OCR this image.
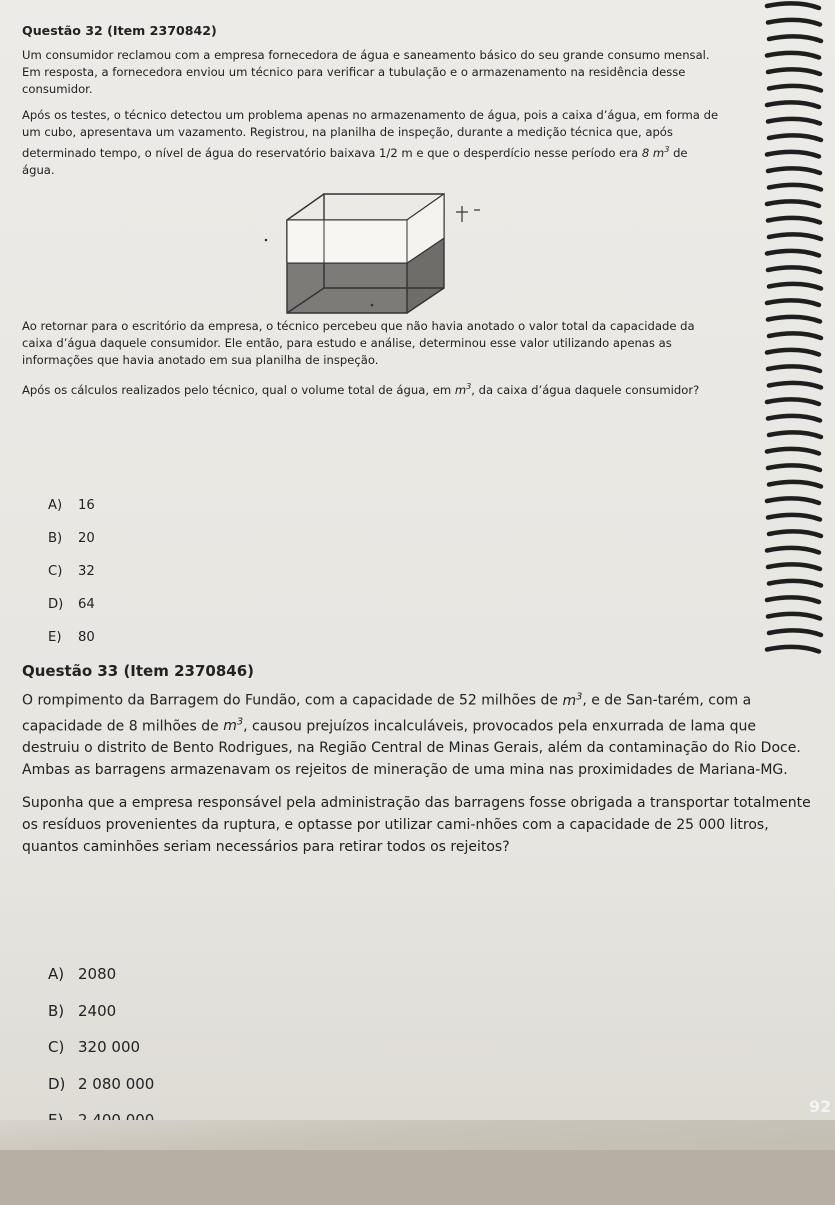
Questão 32 (Item 2370842)

Um consumidor reclamou com a empresa fornecedora de água e saneamento básico do seu grande consumo mensal. Em resposta, a fornecedora enviou um técnico para verificar a tubulação e o armazenamento na residência desse consumidor.

Após os testes, o técnico detectou um problema apenas no armazenamento de água, pois a caixa d’água, em forma de um cubo, apresentava um vazamento. Registrou, na planilha de inspeção, durante a medição técnica que, após determinado tempo, o nível de água do reservatório baixava 1/2 m e que o desperdício nesse período era 8 $m^3$ de água.

Ao retornar para o escritório da empresa, o técnico percebeu que não havia anotado o valor total da capacidade da caixa d’água daquele consumidor. Ele então, para estudo e análise, determinou esse valor utilizando apenas as informações que havia anotado em sua planilha de inspeção.

Após os cálculos realizados pelo técnico, qual o volume total de água, em $m^3$, da caixa d’água daquele consumidor?

A) 16
B) 20
C) 32
D) 64
E) 80
Questão 33 (Item 2370846)

O rompimento da Barragem do Fundão, com a capacidade de 52 milhões de $m^3$, e de San-tarém, com a capacidade de 8 milhões de $m^3$, causou prejuízos incalculáveis, provocados pela enxurrada de lama que destruiu o distrito de Bento Rodrigues, na Região Central de Minas Gerais, além da contaminação do Rio Doce. Ambas as barragens armazenavam os rejeitos de mineração de uma mina nas proximidades de Mariana-MG.

Suponha que a empresa responsável pela administração das barragens fosse obrigada a transportar totalmente os resíduos provenientes da ruptura, e optasse por utilizar cami-nhões com a capacidade de 25 000 litros, quantos caminhões seriam necessários para retirar todos os rejeitos?

A) 2080
B) 2400
C) 320 000
D) 2 080 000
92
